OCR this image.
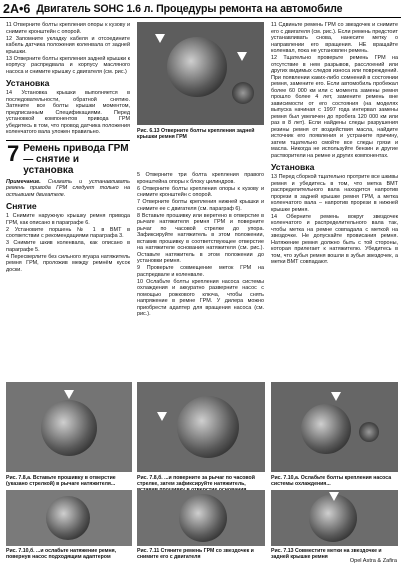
2A•6 Двигатель SOHC 1.6 л. Процедуры ремонта на автомобиле

11 Отверните болты крепления опоры к кузову и снимите кронштейн с опорой.

12 Запомните укладку кабеля и отсоедините кабель датчика положения коленвала от задней крышки.

13 Отверните болты крепления задней крышки к корпусу распредвала и корпусу масляного насоса и снимите крышку с двигателя (см. рис.)

Установка

14 Установка крышки выполняется в последовательности, обратной снятию. Затяните все болты крышки моментом, предписанным Спецификациями. Перед установкой компонентов привода ГРМ убедитесь в том, что провод датчика положения коленчатого вала уложен правильно.

7 Ремень привода ГРМ — снятие и установка

Примечание. Снимать и устанавливать ремень привода ГРМ следует только на остывшем двигателе.

Снятие

1 Снимите наружную крышку ремня привода ГРМ, как описано в параграфе 6.

2 Установите поршень № 1 в ВМТ в соответствии с рекомендациями параграфа 3.

3 Снимите шкив коленвала, как описано в параграфе 5.

4 Пересверлите без сильного ягуара натяжитель ремня ГРМ, проложив между ремнём кусок доски.

5 Отверните три болта крепления правого кронштейна опоры к блоку цилиндров.

6 Отверните болты крепления опоры к кузову и снимите кронштейн с опорой.

7 Отверните болты крепления нижней крышки и снимите ее с двигателя (см. параграф 6).

8 Вставьте прошивку или веретено в отверстие в рычаге натяжителя ремня ГРМ и поверните рычаг по часовой стрелке до упора. Зафиксируйте натяжитель в этом положении, вставив прошивку в соответствующее отверстие на натяжителе основания натяжителя (см. рис.). Оставьте натяжитель в этом положении до установки ремня.

9 Проверьте совмещение меток ГРМ на распредвале и коленвале.

10 Ослабьте болты крепления насоса системы охлаждения и аккуратно разверните насос с помощью рожкового ключа, чтобы снять напряжение в ремне ГРМ. У дилера можно приобрести адаптер для вращения насоса (см. рис.).

11 Сдвиньте ремень ГРМ со звездочек и снимите его с двигателя (см. рис.). Если ремень предстоит устанавливать снова, нанесите метку о направлении его вращения. НЕ вращайте коленвал, пока не установлен ремень.

12 Тщательно проверьте ремень ГРМ на отсутствие в нем разрывов, расслоений или других видимых следов износа или повреждений. При появлении каких-либо сомнений в состоянии ремня, замените его. Если автомобиль пробежал более 60 000 км или с момента замены ремня прошло более 4 лет, замените ремень вне зависимости от его состояния (на моделях выпуска начиная с 1997 года интервал замены ремня был увеличен до пробега 120 000 км или раз в 8 лет). Если найдены следы разрушения резины ремня от воздействия масла, найдите источник его появления и устраните причину, затем тщательно смойте все следы грязи и масла. Никогда не используйте бензин и другие растворители на ремне и других компонентах.

Установка

13 Перед сборкой тщательно протрите все шкивы ремня и убедитесь в том, что метка ВМТ распределительного вала находится напротив прорези в задней крышке ремня ГРМ, а метка коленчатого вала – напротив прорези в нижней крышке ремня.

14 Оберните ремень вокруг звездочек коленчатого и распределительного вала так, чтобы метка на ремне совпадала с меткой на звездочке. Не допускайте провисания ремня. Натяжение ремня должно быть с той стороны, которая прилегает к натяжителю. Убедитесь в том, что зубья ремня вошли в зубья звездочек, а метки ВМТ совпадают.

Рис. 6.13 Отверните болты крепления задней крышки ремня ГРМ
Рис. 7.8,а. Вставьте прошивку в отверстие (указано стрелкой) в рычаге натяжителя...
Рис. 7.8,б. ...и поверните за рычаг по часовой стрелке, затем зафиксируйте натяжитель,
Рис. 7.10,а. Ослабьте болты крепления насоса системы охлаждения...
Рис. 7.10,б. ...и ослабьте натяжение ремня, повернув насос подходящим адаптером
Рис. 7.11 Стяните ремень ГРМ со звездочек и снимите его с двигателя
Рис. 7.13 Совместите метки на звездочке и задней крышке ремня
Opel Astra & Zafira
